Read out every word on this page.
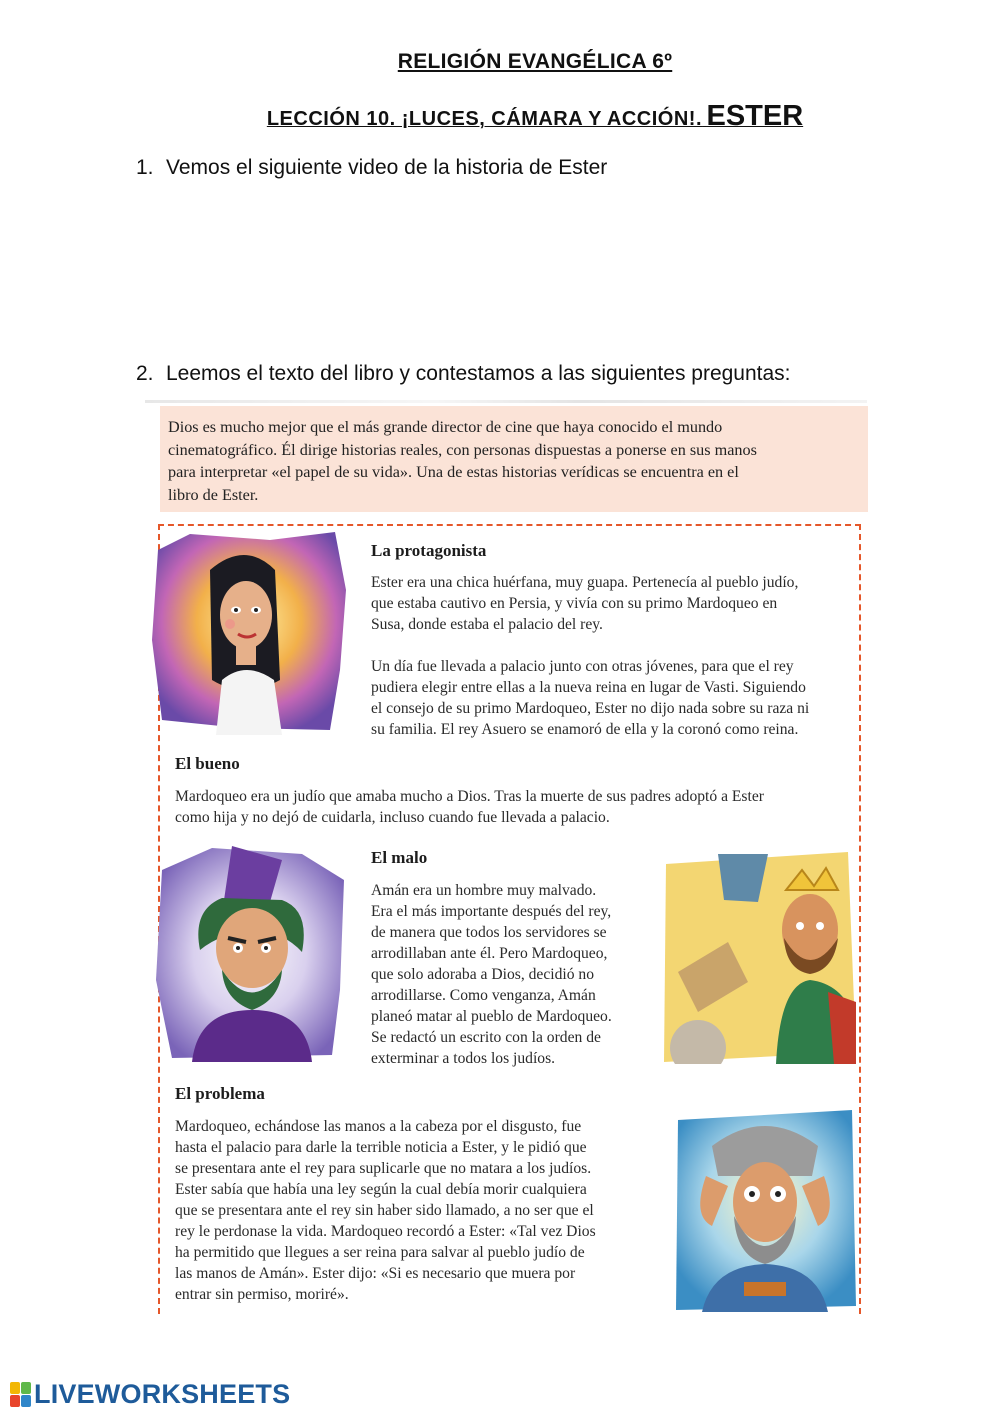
RELIGIÓN EVANGÉLICA 6º
LECCIÓN 10. ¡LUCES, CÁMARA Y ACCIÓN!. ESTER
1. Vemos el siguiente video de la historia de Ester
2. Leemos el texto del libro y contestamos a las siguientes preguntas:
Dios es mucho mejor que el más grande director de cine que haya conocido el mundo
cinematográfico. Él dirige historias reales, con personas dispuestas a ponerse en sus manos
para interpretar «el papel de su vida». Una de estas historias verídicas se encuentra en el
libro de Ester.
La protagonista
Ester era una chica huérfana, muy guapa. Pertenecía al pueblo judío,
que estaba cautivo en Persia, y vivía con su primo Mardoqueo en
Susa, donde estaba el palacio del rey.
Un día fue llevada a palacio junto con otras jóvenes, para que el rey
pudiera elegir entre ellas a la nueva reina en lugar de Vasti. Siguiendo
el consejo de su primo Mardoqueo, Ester no dijo nada sobre su raza ni
su familia. El rey Asuero se enamoró de ella y la coronó como reina.
El bueno
Mardoqueo era un judío que amaba mucho a Dios. Tras la muerte de sus padres adoptó a Ester
como hija y no dejó de cuidarla, incluso cuando fue llevada a palacio.
El malo
Amán era un hombre muy malvado.
Era el más importante después del rey,
de manera que todos los servidores se
arrodillaban ante él. Pero Mardoqueo,
que solo adoraba a Dios, decidió no
arrodillarse. Como venganza, Amán
planeó matar al pueblo de Mardoqueo.
Se redactó un escrito con la orden de
exterminar a todos los judíos.
El problema
Mardoqueo, echándose las manos a la cabeza por el disgusto, fue
hasta el palacio para darle la terrible noticia a Ester, y le pidió que
se presentara ante el rey para suplicarle que no matara a los judíos.
Ester sabía que había una ley según la cual debía morir cualquiera
que se presentara ante el rey sin haber sido llamado, a no ser que el
rey le perdonase la vida. Mardoqueo recordó a Ester: «Tal vez Dios
ha permitido que llegues a ser reina para salvar al pueblo judío de
las manos de Amán». Ester dijo: «Si es necesario que muera por
entrar sin permiso, moriré».
LIVEWORKSHEETS
